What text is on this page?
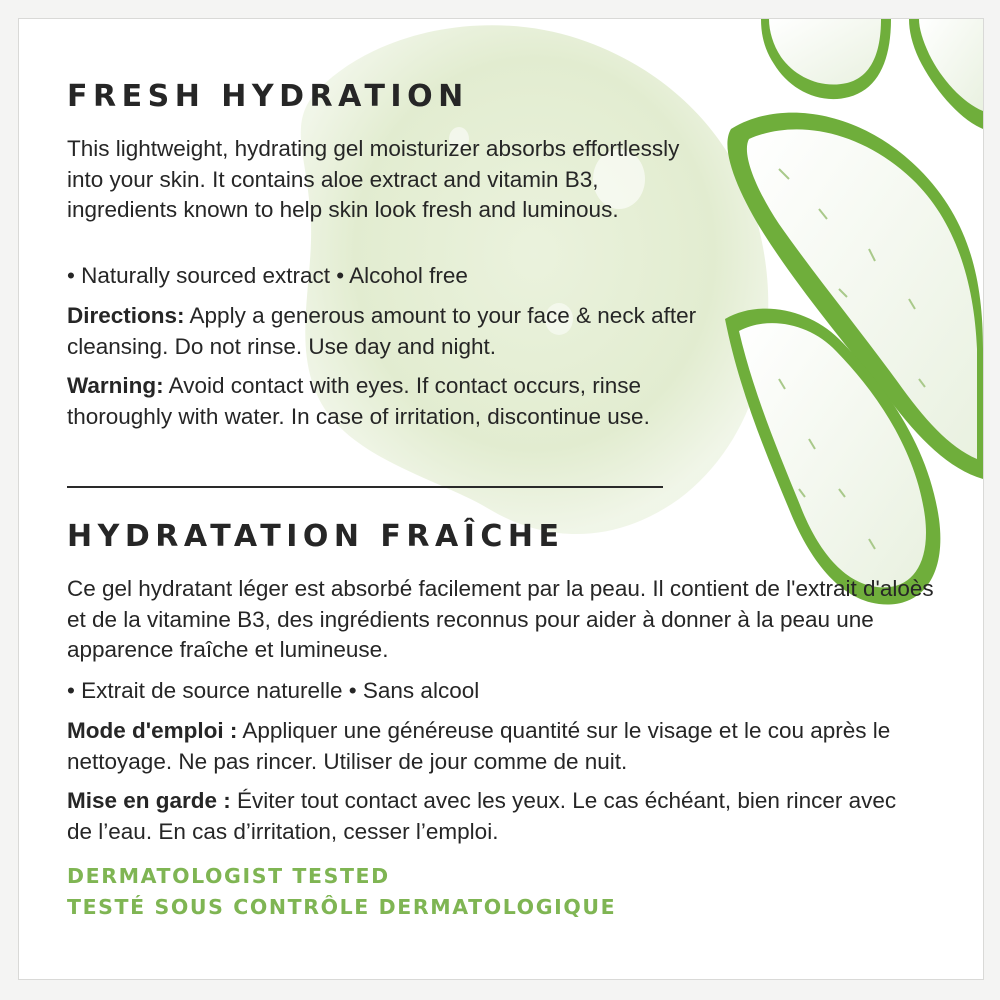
FRESH HYDRATION

This lightweight, hydrating gel moisturizer absorbs effortlessly into your skin. It contains aloe extract and vitamin B3, ingredients known to help skin look fresh and luminous.

• Naturally sourced extract • Alcohol free

Directions: Apply a generous amount to your face & neck after cleansing. Do not rinse. Use day and night.

Warning: Avoid contact with eyes. If contact occurs, rinse thoroughly with water. In case of irritation, discontinue use.

HYDRATATION FRAÎCHE

Ce gel hydratant léger est absorbé facilement par la peau. Il contient de l'extrait d'aloès et de la vitamine B3, des ingrédients reconnus pour aider à donner à la peau une apparence fraîche et lumineuse.

• Extrait de source naturelle • Sans alcool

Mode d'emploi : Appliquer une généreuse quantité sur le visage et le cou après le nettoyage. Ne pas rincer. Utiliser de jour comme de nuit.

Mise en garde : Éviter tout contact avec les yeux. Le cas échéant, bien rincer avec de l’eau. En cas d’irritation, cesser l’emploi.

DERMATOLOGIST TESTED
TESTÉ SOUS CONTRÔLE DERMATOLOGIQUE
